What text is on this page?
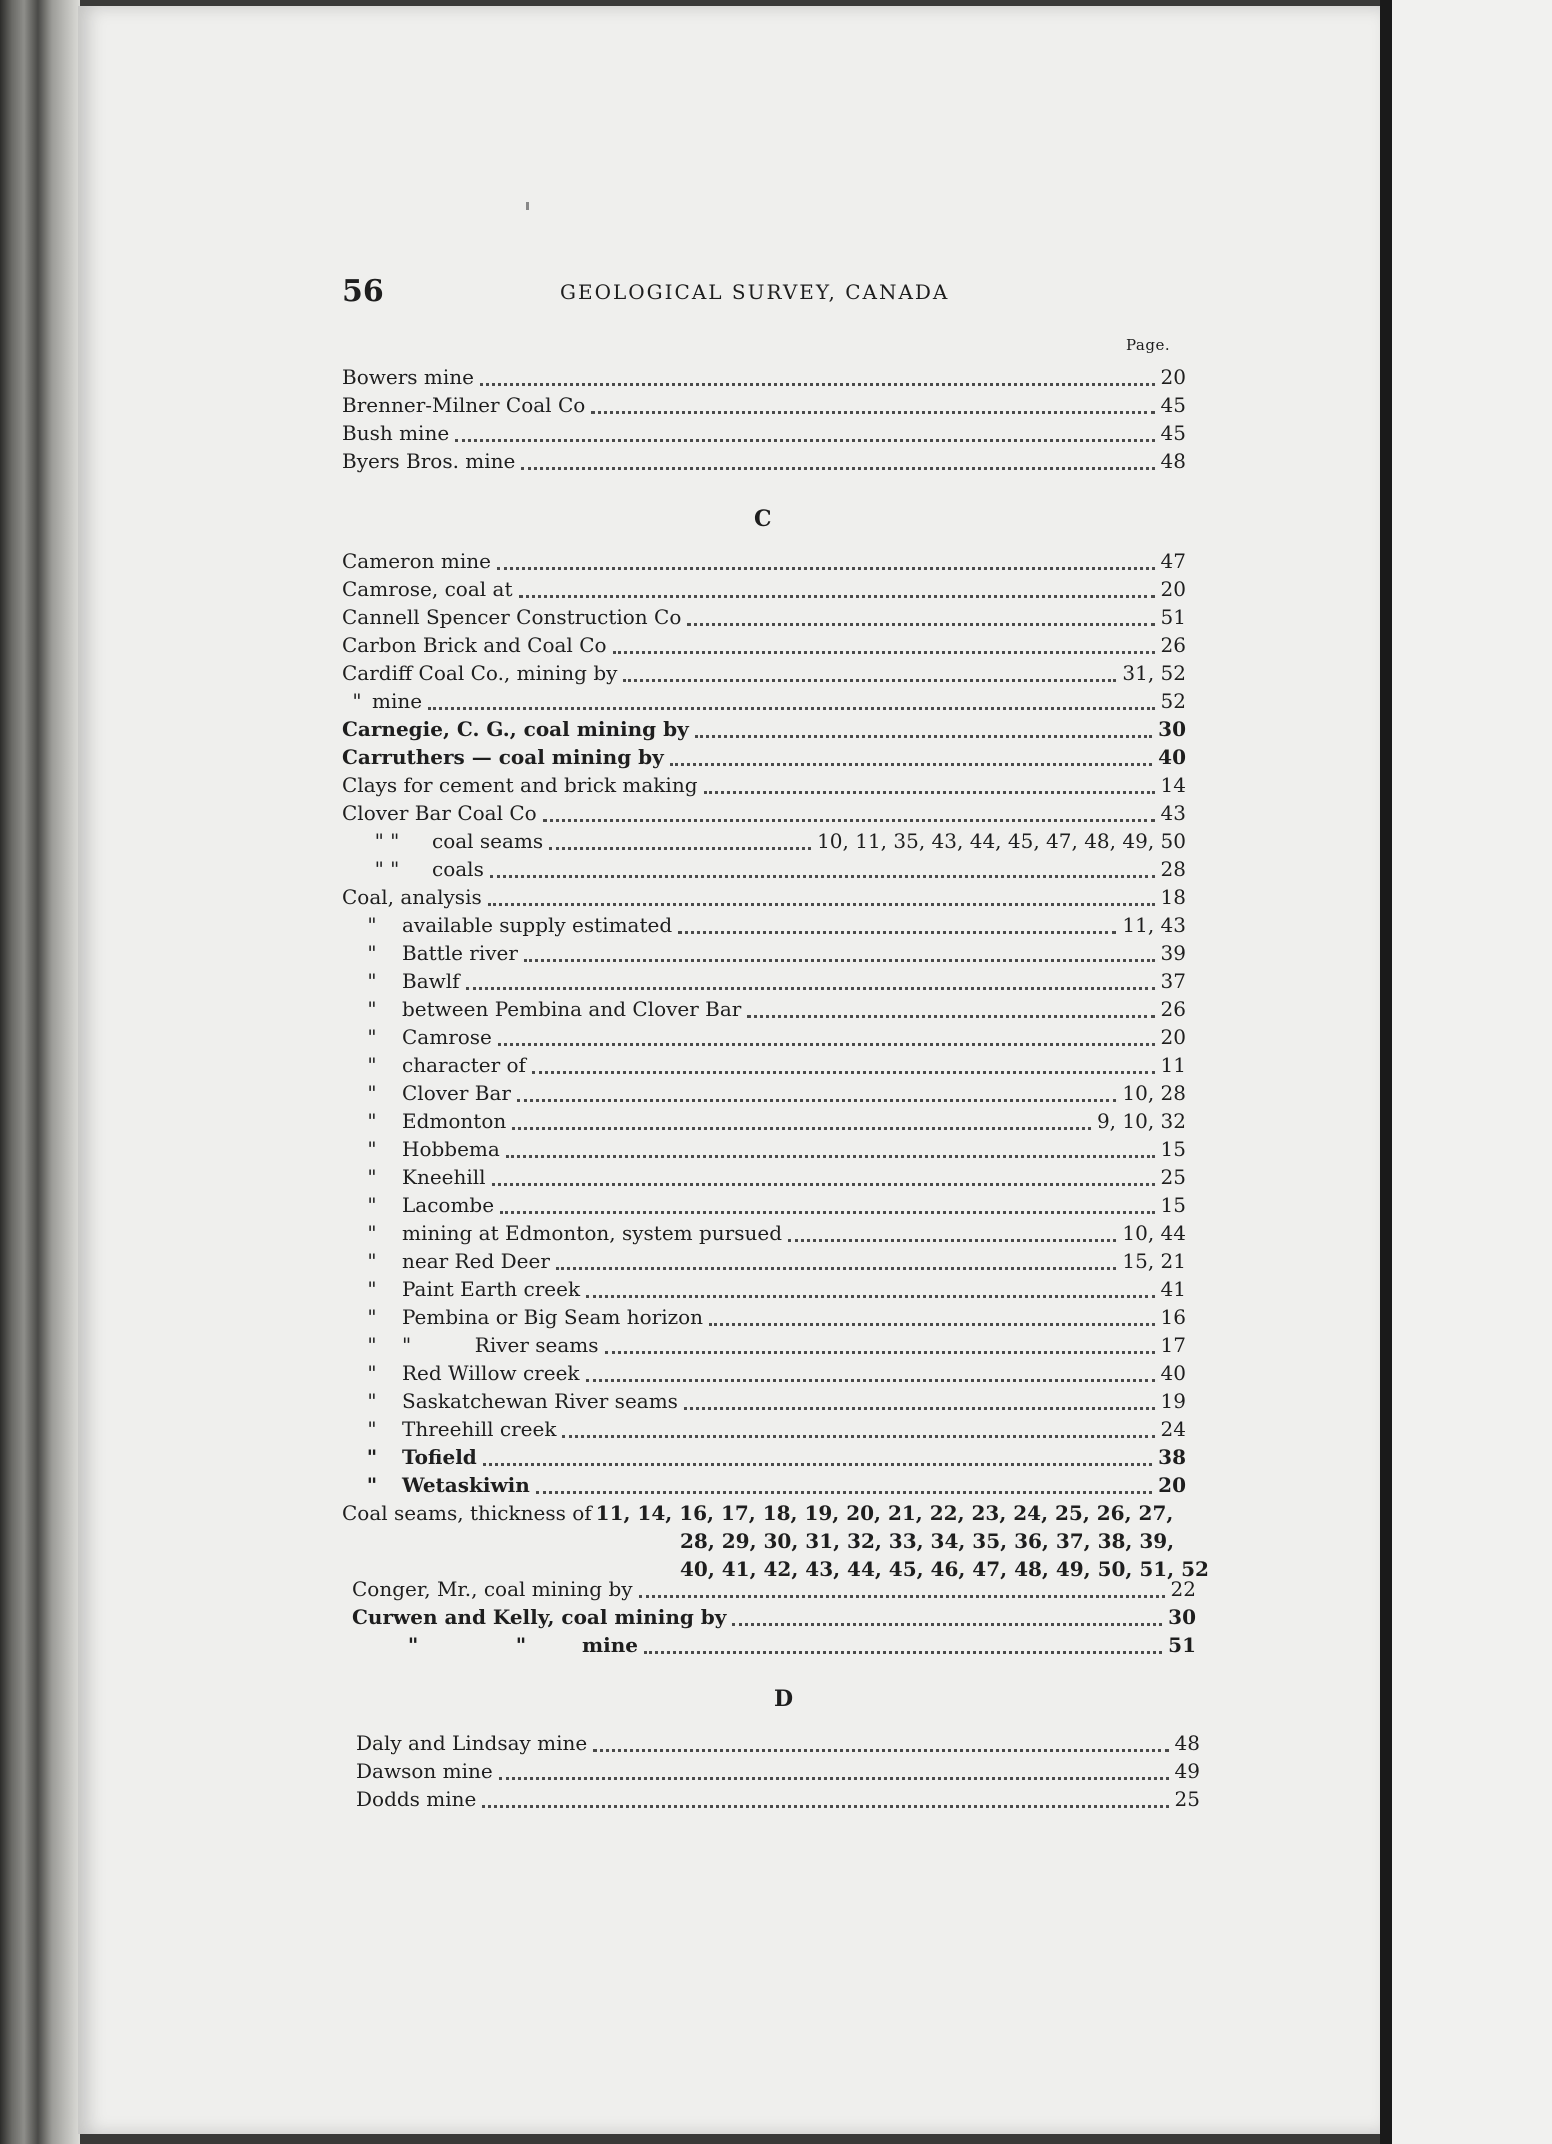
56	GEOLOGICAL SURVEY, CANADA
Page.
Bowers mine	20
Brenner-Milner Coal Co	45
Bush mine	45
Byers Bros. mine	48
C
Cameron mine	47
Camrose, coal at	20
Cannell Spencer Construction Co	51
Carbon Brick and Coal Co	26
Cardiff Coal Co., mining by	31, 52
" mine	52
Carnegie, C. G., coal mining by	30
Carruthers — coal mining by	40
Clays for cement and brick making	14
Clover Bar Coal Co	43
" "	coal seams	10, 11, 35, 43, 44, 45, 47, 48, 49, 50
" "	coals	28
Coal, analysis	18
"	available supply estimated	11, 43
"	Battle river	39
"	Bawlf	37
"	between Pembina and Clover Bar	26
"	Camrose	20
"	character of	11
"	Clover Bar	10, 28
"	Edmonton	9, 10, 32
"	Hobbema	15
"	Kneehill	25
"	Lacombe	15
"	mining at Edmonton, system pursued	10, 44
"	near Red Deer	15, 21
"	Paint Earth creek	41
"	Pembina or Big Seam horizon	16
"	"          River seams	17
"	Red Willow creek	40
"	Saskatchewan River seams	19
"	Threehill creek	24
"	Tofield	38
"	Wetaskiwin	20
Coal seams, thickness of 11, 14, 16, 17, 18, 19, 20, 21, 22, 23, 24, 25, 26, 27,
28, 29, 30, 31, 32, 33, 34, 35, 36, 37, 38, 39,
40, 41, 42, 43, 44, 45, 46, 47, 48, 49, 50, 51, 52
Conger, Mr., coal mining by	22
Curwen and Kelly, coal mining by	30
"              "	mine	51
D
Daly and Lindsay mine	48
Dawson mine	49
Dodds mine	25
